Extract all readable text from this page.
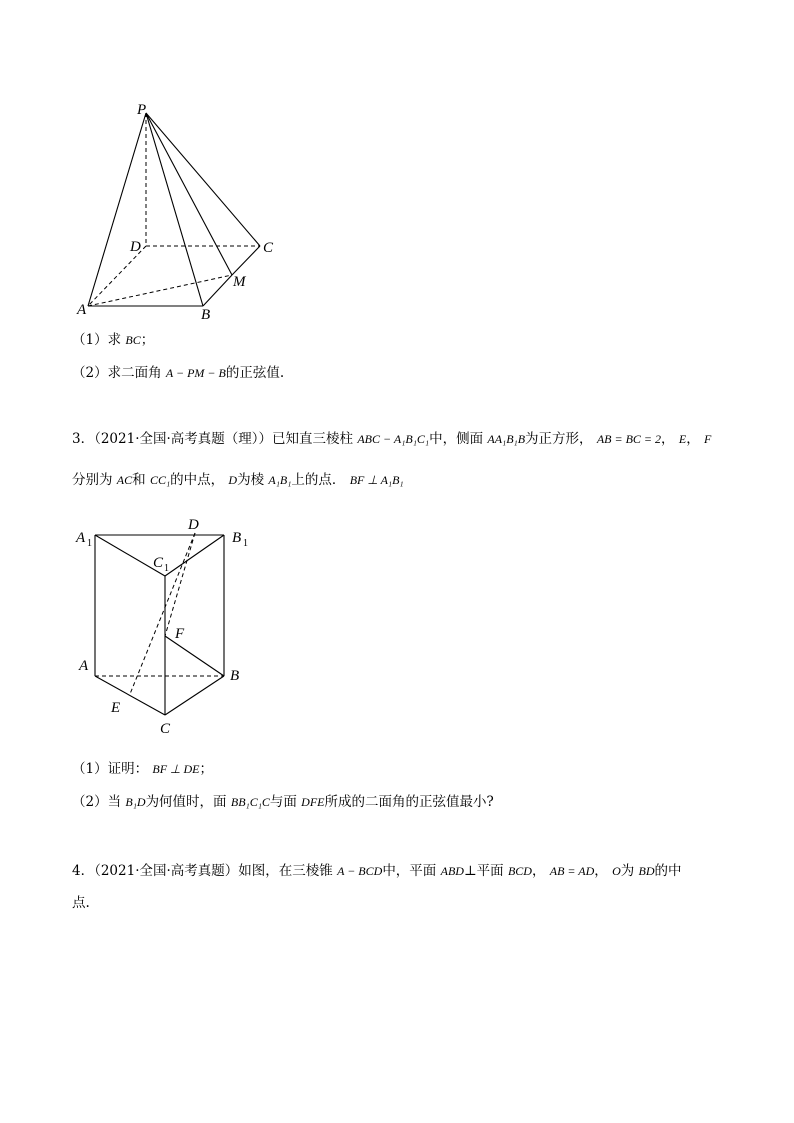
P
D	C
M
A	B
（1）求 BC；
（2）求二面角 A − PM − B的正弦值.
3．（2021·全国·高考真题（理））已知直三棱柱 ABC − A₁B₁C₁中，侧面 AA₁B₁B为正方形， AB = BC = 2， E， F
分别为 AC和 CC₁的中点， D为棱 A₁B₁上的点． BF ⊥ A₁B₁
A 1
D
B 1
C 1
F
A
B
E
C
（1）证明： BF ⊥ DE；
（2）当 B₁D为何值时，面 BB₁C₁C与面 DFE所成的二面角的正弦值最小?
4．（2021·全国·高考真题）如图，在三棱锥 A − BCD中，平面 ABD⊥平面 BCD， AB = AD， O为 BD的中
点.
